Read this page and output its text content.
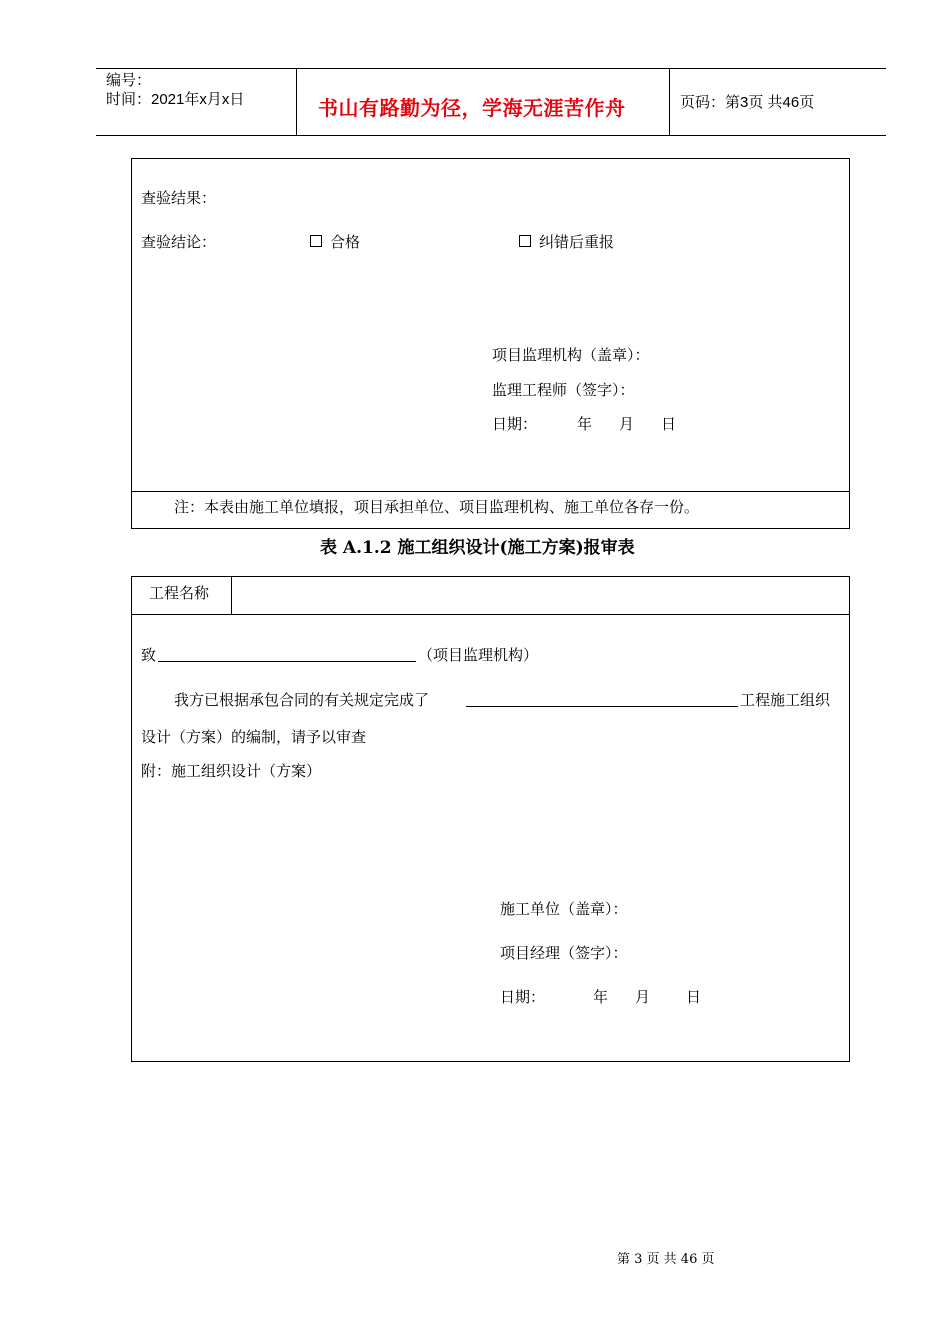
编号：
时间：2021年x月x日	书山有路勤为径，学海无涯苦作舟	页码：第3页 共46页
查验结果：
查验结论：	合格	纠错后重报
项目监理机构（盖章）：
监理工程师（签字）：
日期：	年 月 日
注：本表由施工单位填报，项目承担单位、项目监理机构、施工单位各存一份。
表 A.1.2 施工组织设计(施工方案)报审表
工程名称
致	（项目监理机构）
我方已根据承包合同的有关规定完成了	工程施工组织
设计（方案）的编制，请予以审查
附：施工组织设计（方案）
施工单位（盖章）：
项目经理（签字）：
日期：	年 月 日
第 3 页 共 46 页
